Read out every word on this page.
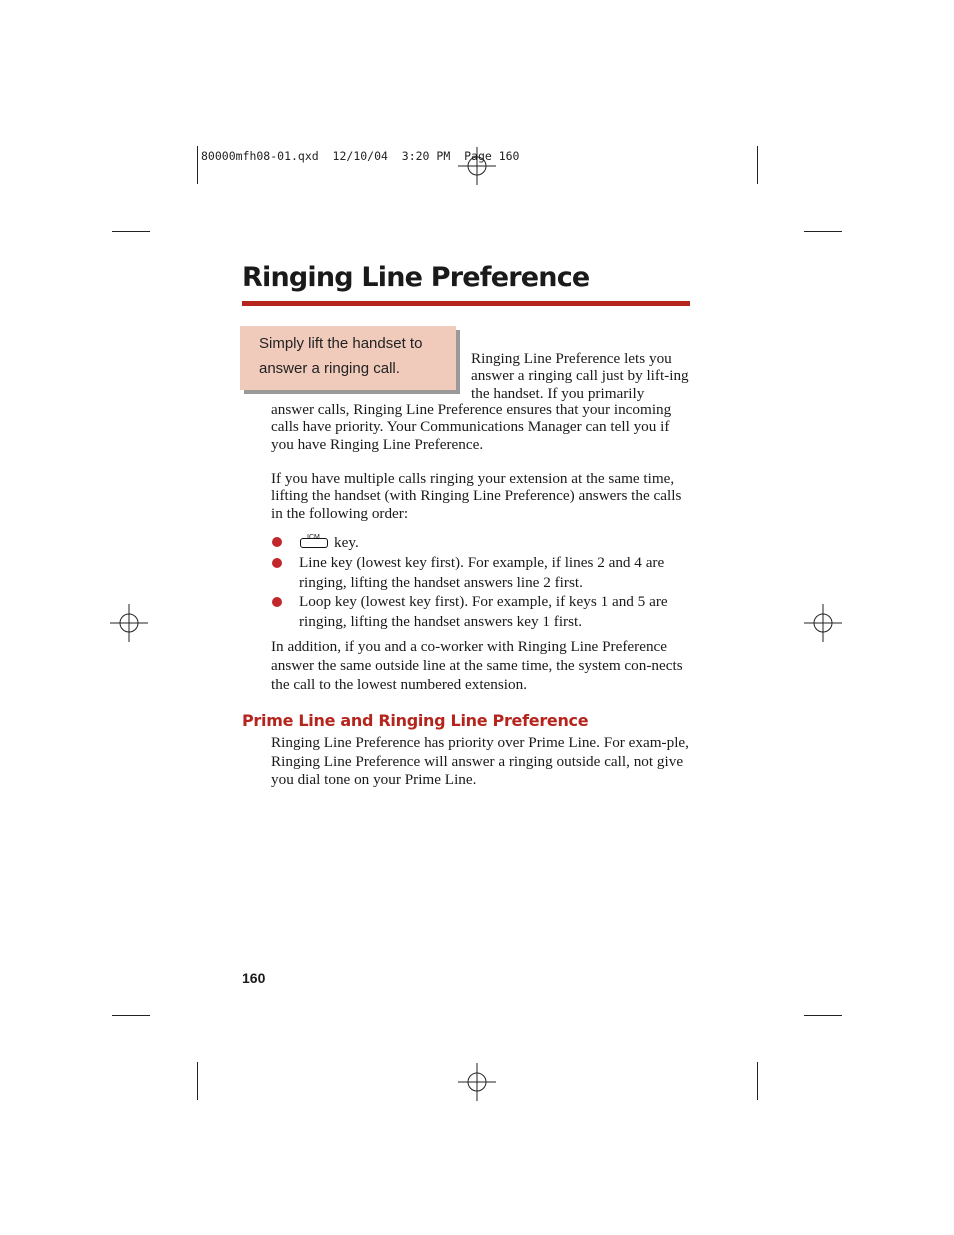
80000mfh08-01.qxd  12/10/04  3:20 PM  Page 160
Ringing Line Preference
Simply lift the handset to answer a ringing call.
Ringing Line Preference lets you answer a ringing call just by lift-ing the handset. If you primarily
answer calls, Ringing Line Preference ensures that your incoming calls have priority. Your Communications Manager can tell you if you have Ringing Line Preference.
If you have multiple calls ringing your extension at the same time, lifting the handset (with Ringing Line Preference) answers the calls in the following order:
ICM key.
Line key (lowest key first). For example, if lines 2 and 4 are ringing, lifting the handset answers line 2 first.
Loop key (lowest key first). For example, if keys 1 and 5 are ringing, lifting the handset answers key 1 first.
In addition, if you and a co-worker with Ringing Line Preference answer the same outside line at the same time, the system con-nects the call to the lowest numbered extension.
Prime Line and Ringing Line Preference
Ringing Line Preference has priority over Prime Line. For exam-ple, Ringing Line Preference will answer a ringing outside call, not give you dial tone on your Prime Line.
160
